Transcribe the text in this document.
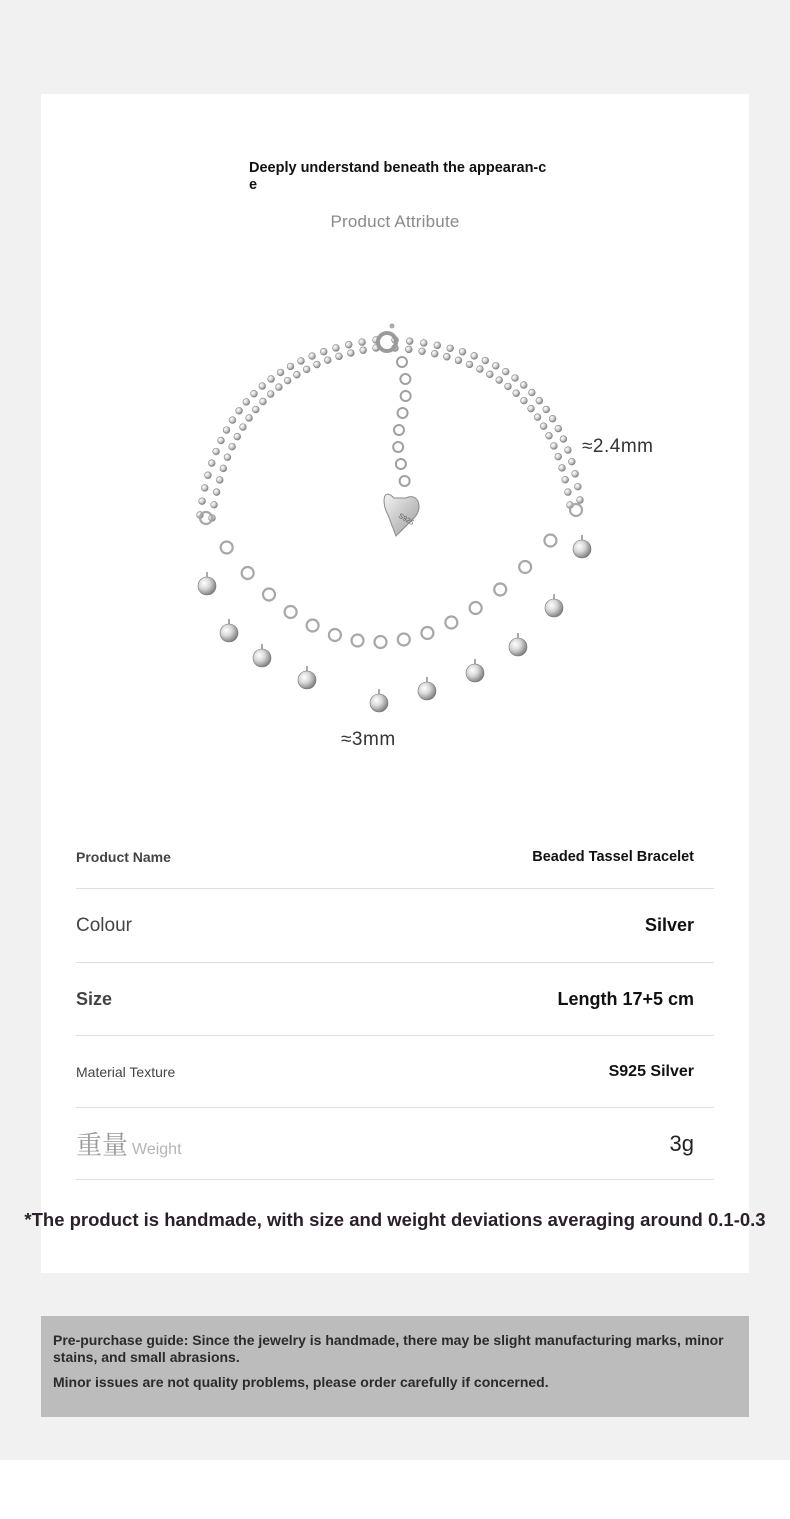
Deeply understand beneath the appearan-ce
Product Attribute
S925
≈2.4mm
≈3mm
Product Name	Beaded Tassel Bracelet
Colour	Silver
Size	Length 17+5 cm
Material Texture	S925 Silver
重量 Weight	3g
*The product is handmade, with size and weight deviations averaging around 0.1-0.3

Pre-purchase guide: Since the jewelry is handmade, there may be slight manufacturing marks, minor stains, and small abrasions.

Minor issues are not quality problems, please order carefully if concerned.
